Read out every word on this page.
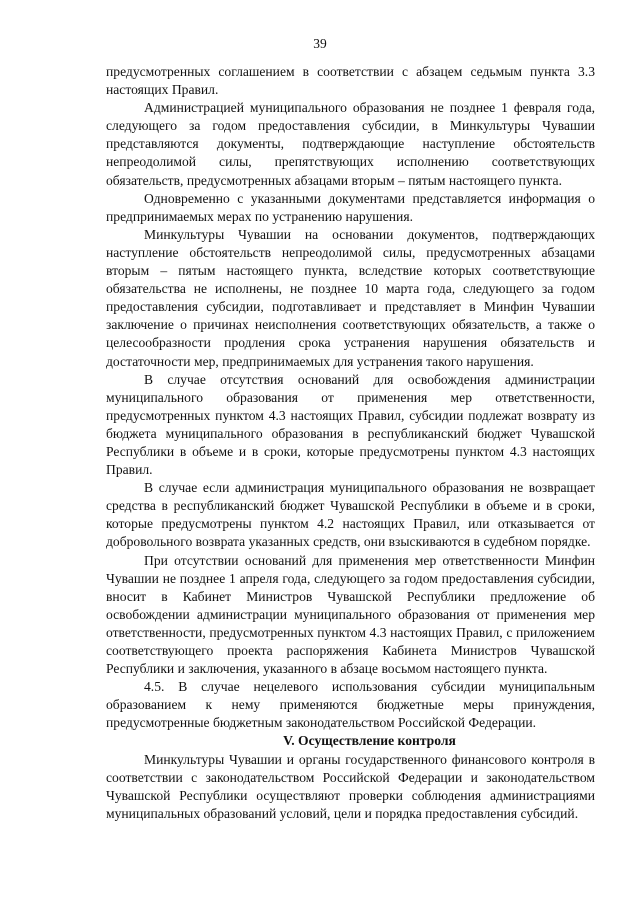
39

предусмотренных соглашением в соответствии с абзацем седьмым пункта 3.3 настоящих Правил.

Администрацией муниципального образования не позднее 1 февраля года, следующего за годом предоставления субсидии, в Минкультуры Чувашии представляются документы, подтверждающие наступление обстоятельств непреодолимой силы, препятствующих исполнению соответствующих обязательств, предусмотренных абзацами вторым – пятым настоящего пункта.

Одновременно с указанными документами представляется информация о предпринимаемых мерах по устранению нарушения.

Минкультуры Чувашии на основании документов, подтверждающих наступление обстоятельств непреодолимой силы, предусмотренных абзацами вторым – пятым настоящего пункта, вследствие которых соответствующие обязательства не исполнены, не позднее 10 марта года, следующего за годом предоставления субсидии, подготавливает и представляет в Минфин Чувашии заключение о причинах неисполнения соответствующих обязательств, а также о целесообразности продления срока устранения нарушения обязательств и достаточности мер, предпринимаемых для устранения такого нарушения.

В случае отсутствия оснований для освобождения администрации муниципального образования от применения мер ответственности, предусмотренных пунктом 4.3 настоящих Правил, субсидии подлежат возврату из бюджета муниципального образования в республиканский бюджет Чувашской Республики в объеме и в сроки, которые предусмотрены пунктом 4.3 настоящих Правил.

В случае если администрация муниципального образования не возвращает средства в республиканский бюджет Чувашской Республики в объеме и в сроки, которые предусмотрены пунктом 4.2 настоящих Правил, или отказывается от добровольного возврата указанных средств, они взыскиваются в судебном порядке.

При отсутствии оснований для применения мер ответственности Минфин Чувашии не позднее 1 апреля года, следующего за годом предоставления субсидии, вносит в Кабинет Министров Чувашской Республики предложение об освобождении администрации муниципального образования от применения мер ответственности, предусмотренных пунктом 4.3 настоящих Правил, с приложением соответствующего проекта распоряжения Кабинета Министров Чувашской Республики и заключения, указанного в абзаце восьмом настоящего пункта.

4.5. В случае нецелевого использования субсидии муниципальным образованием к нему применяются бюджетные меры принуждения, предусмотренные бюджетным законодательством Российской Федерации.

V. Осуществление контроля

Минкультуры Чувашии и органы государственного финансового контроля в соответствии с законодательством Российской Федерации и законодательством Чувашской Республики осуществляют проверки соблюдения администрациями муниципальных образований условий, цели и порядка предоставления субсидий.
